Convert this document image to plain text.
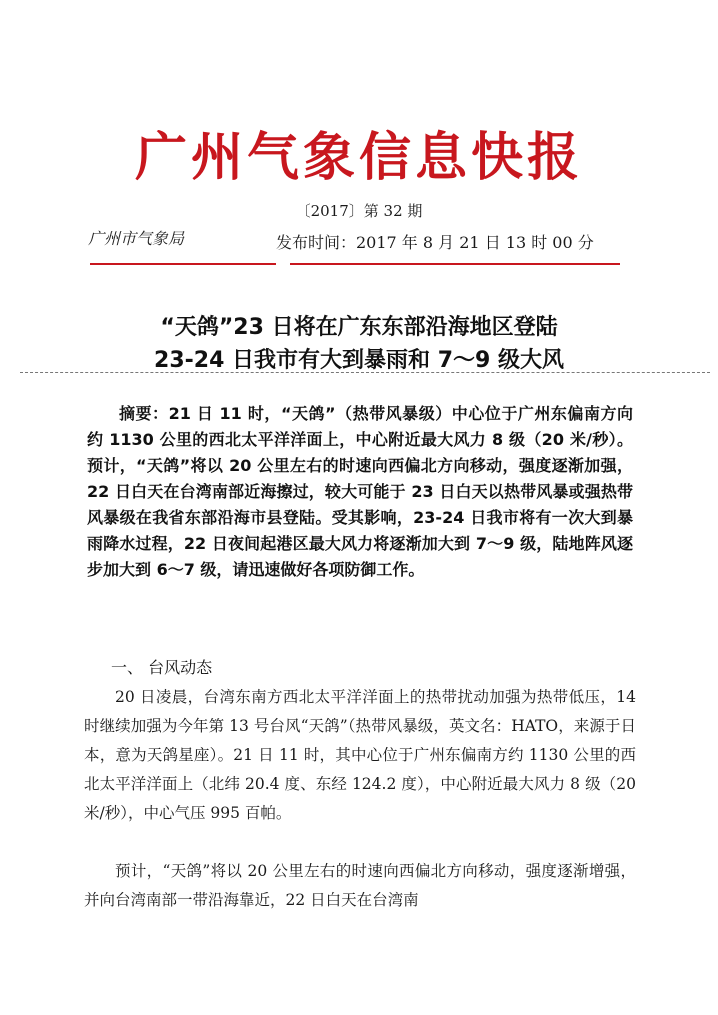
广州气象信息快报
〔2017〕第 32 期
广州市气象局	发布时间：2017 年 8 月 21 日 13 时 00 分
“天鸽”23 日将在广东东部沿海地区登陆
23-24 日我市有大到暴雨和 7～9 级大风

摘要：21 日 11 时，“天鸽”（热带风暴级）中心位于广州东偏南方向约 1130 公里的西北太平洋洋面上，中心附近最大风力 8 级（20 米/秒）。预计，“天鸽”将以 20 公里左右的时速向西偏北方向移动，强度逐渐加强，22 日白天在台湾南部近海擦过，较大可能于 23 日白天以热带风暴或强热带风暴级在我省东部沿海市县登陆。受其影响，23-24 日我市将有一次大到暴雨降水过程，22 日夜间起港区最大风力将逐渐加大到 7～9 级，陆地阵风逐步加大到 6～7 级，请迅速做好各项防御工作。

一、 台风动态

20 日凌晨，台湾东南方西北太平洋洋面上的热带扰动加强为热带低压，14 时继续加强为今年第 13 号台风“天鸽”（热带风暴级，英文名：HATO，来源于日本，意为天鸽星座）。21 日 11 时，其中心位于广州东偏南方约 1130 公里的西北太平洋洋面上（北纬 20.4 度、东经 124.2 度），中心附近最大风力 8 级（20 米/秒），中心气压 995 百帕。

预计，“天鸽”将以 20 公里左右的时速向西偏北方向移动，强度逐渐增强，并向台湾南部一带沿海靠近，22 日白天在台湾南
